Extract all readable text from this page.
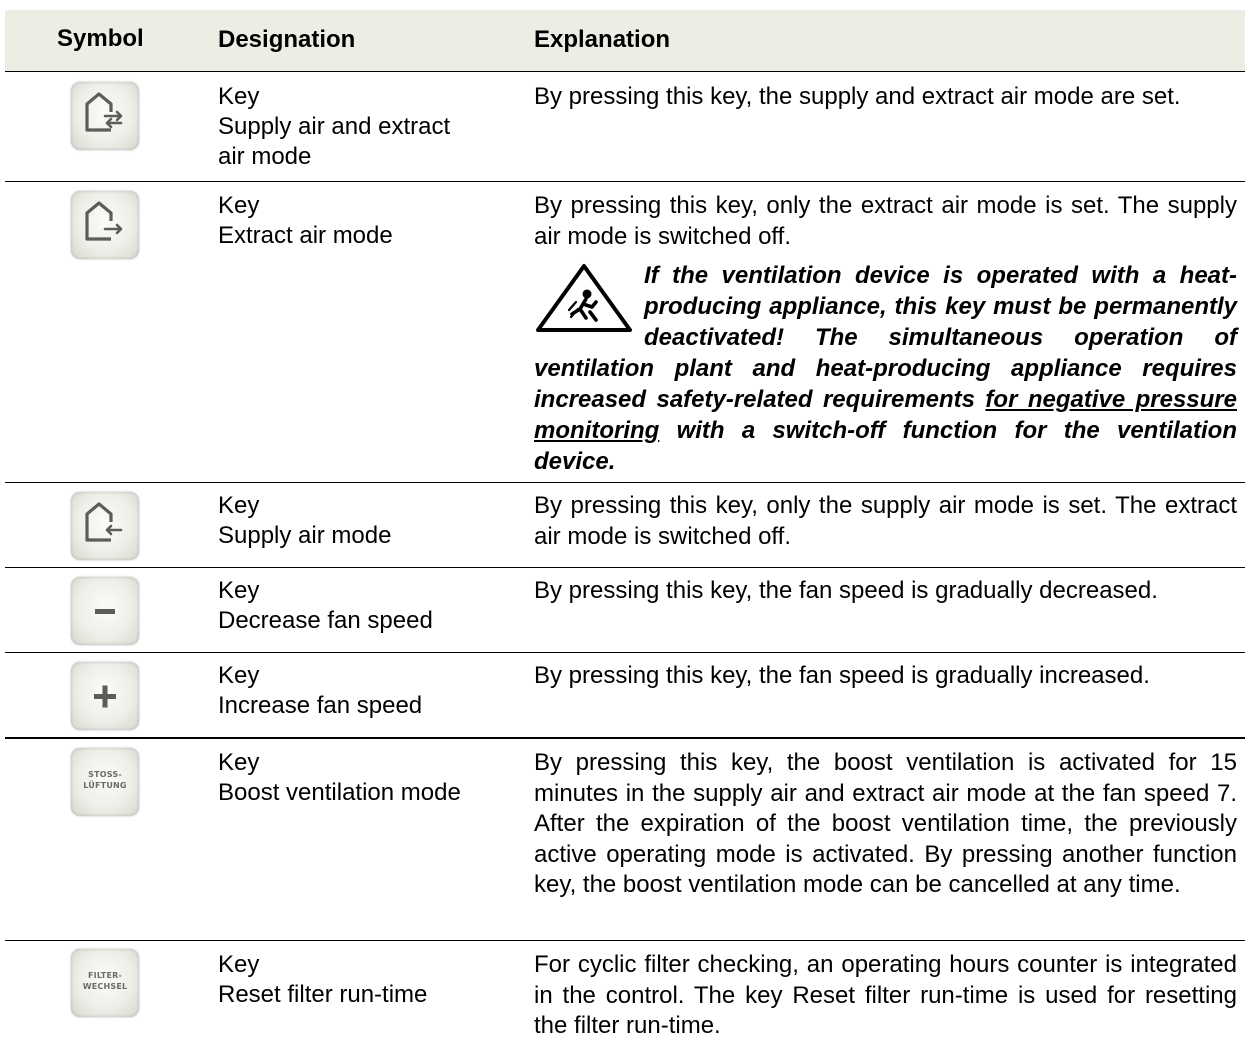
Symbol	Designation	Explanation
Key
Supply air and extract
air mode

By pressing this key, the supply and extract air mode are set.

Key
Extract air mode

By pressing this key, only the extract air mode is set. The supply air mode is switched off.

If the ventilation device is operated with a heat-producing appliance, this key must be permanently deactivated! The simultaneous operation of ventilation plant and heat-producing appliance requires increased safety-related requirements for negative pressure monitoring with a switch-off function for the ventilation device.
Key
Supply air mode

By pressing this key, only the supply air mode is set. The extract air mode is switched off.

Key
Decrease fan speed

By pressing this key, the fan speed is gradually decreased.

Key
Increase fan speed

By pressing this key, the fan speed is gradually increased.

STOSS-
LÜFTUNG
Key
Boost ventilation mode

By pressing this key, the boost ventilation is activated for 15 minutes in the supply air and extract air mode at the fan speed 7. After the expiration of the boost ventilation time, the previously active operating mode is activated. By pressing another function key, the boost ventilation mode can be cancelled at any time.

FILTER-
WECHSEL
Key
Reset filter run-time

For cyclic filter checking, an operating hours counter is integrated in the control. The key Reset filter run-time is used for resetting the filter run-time.
